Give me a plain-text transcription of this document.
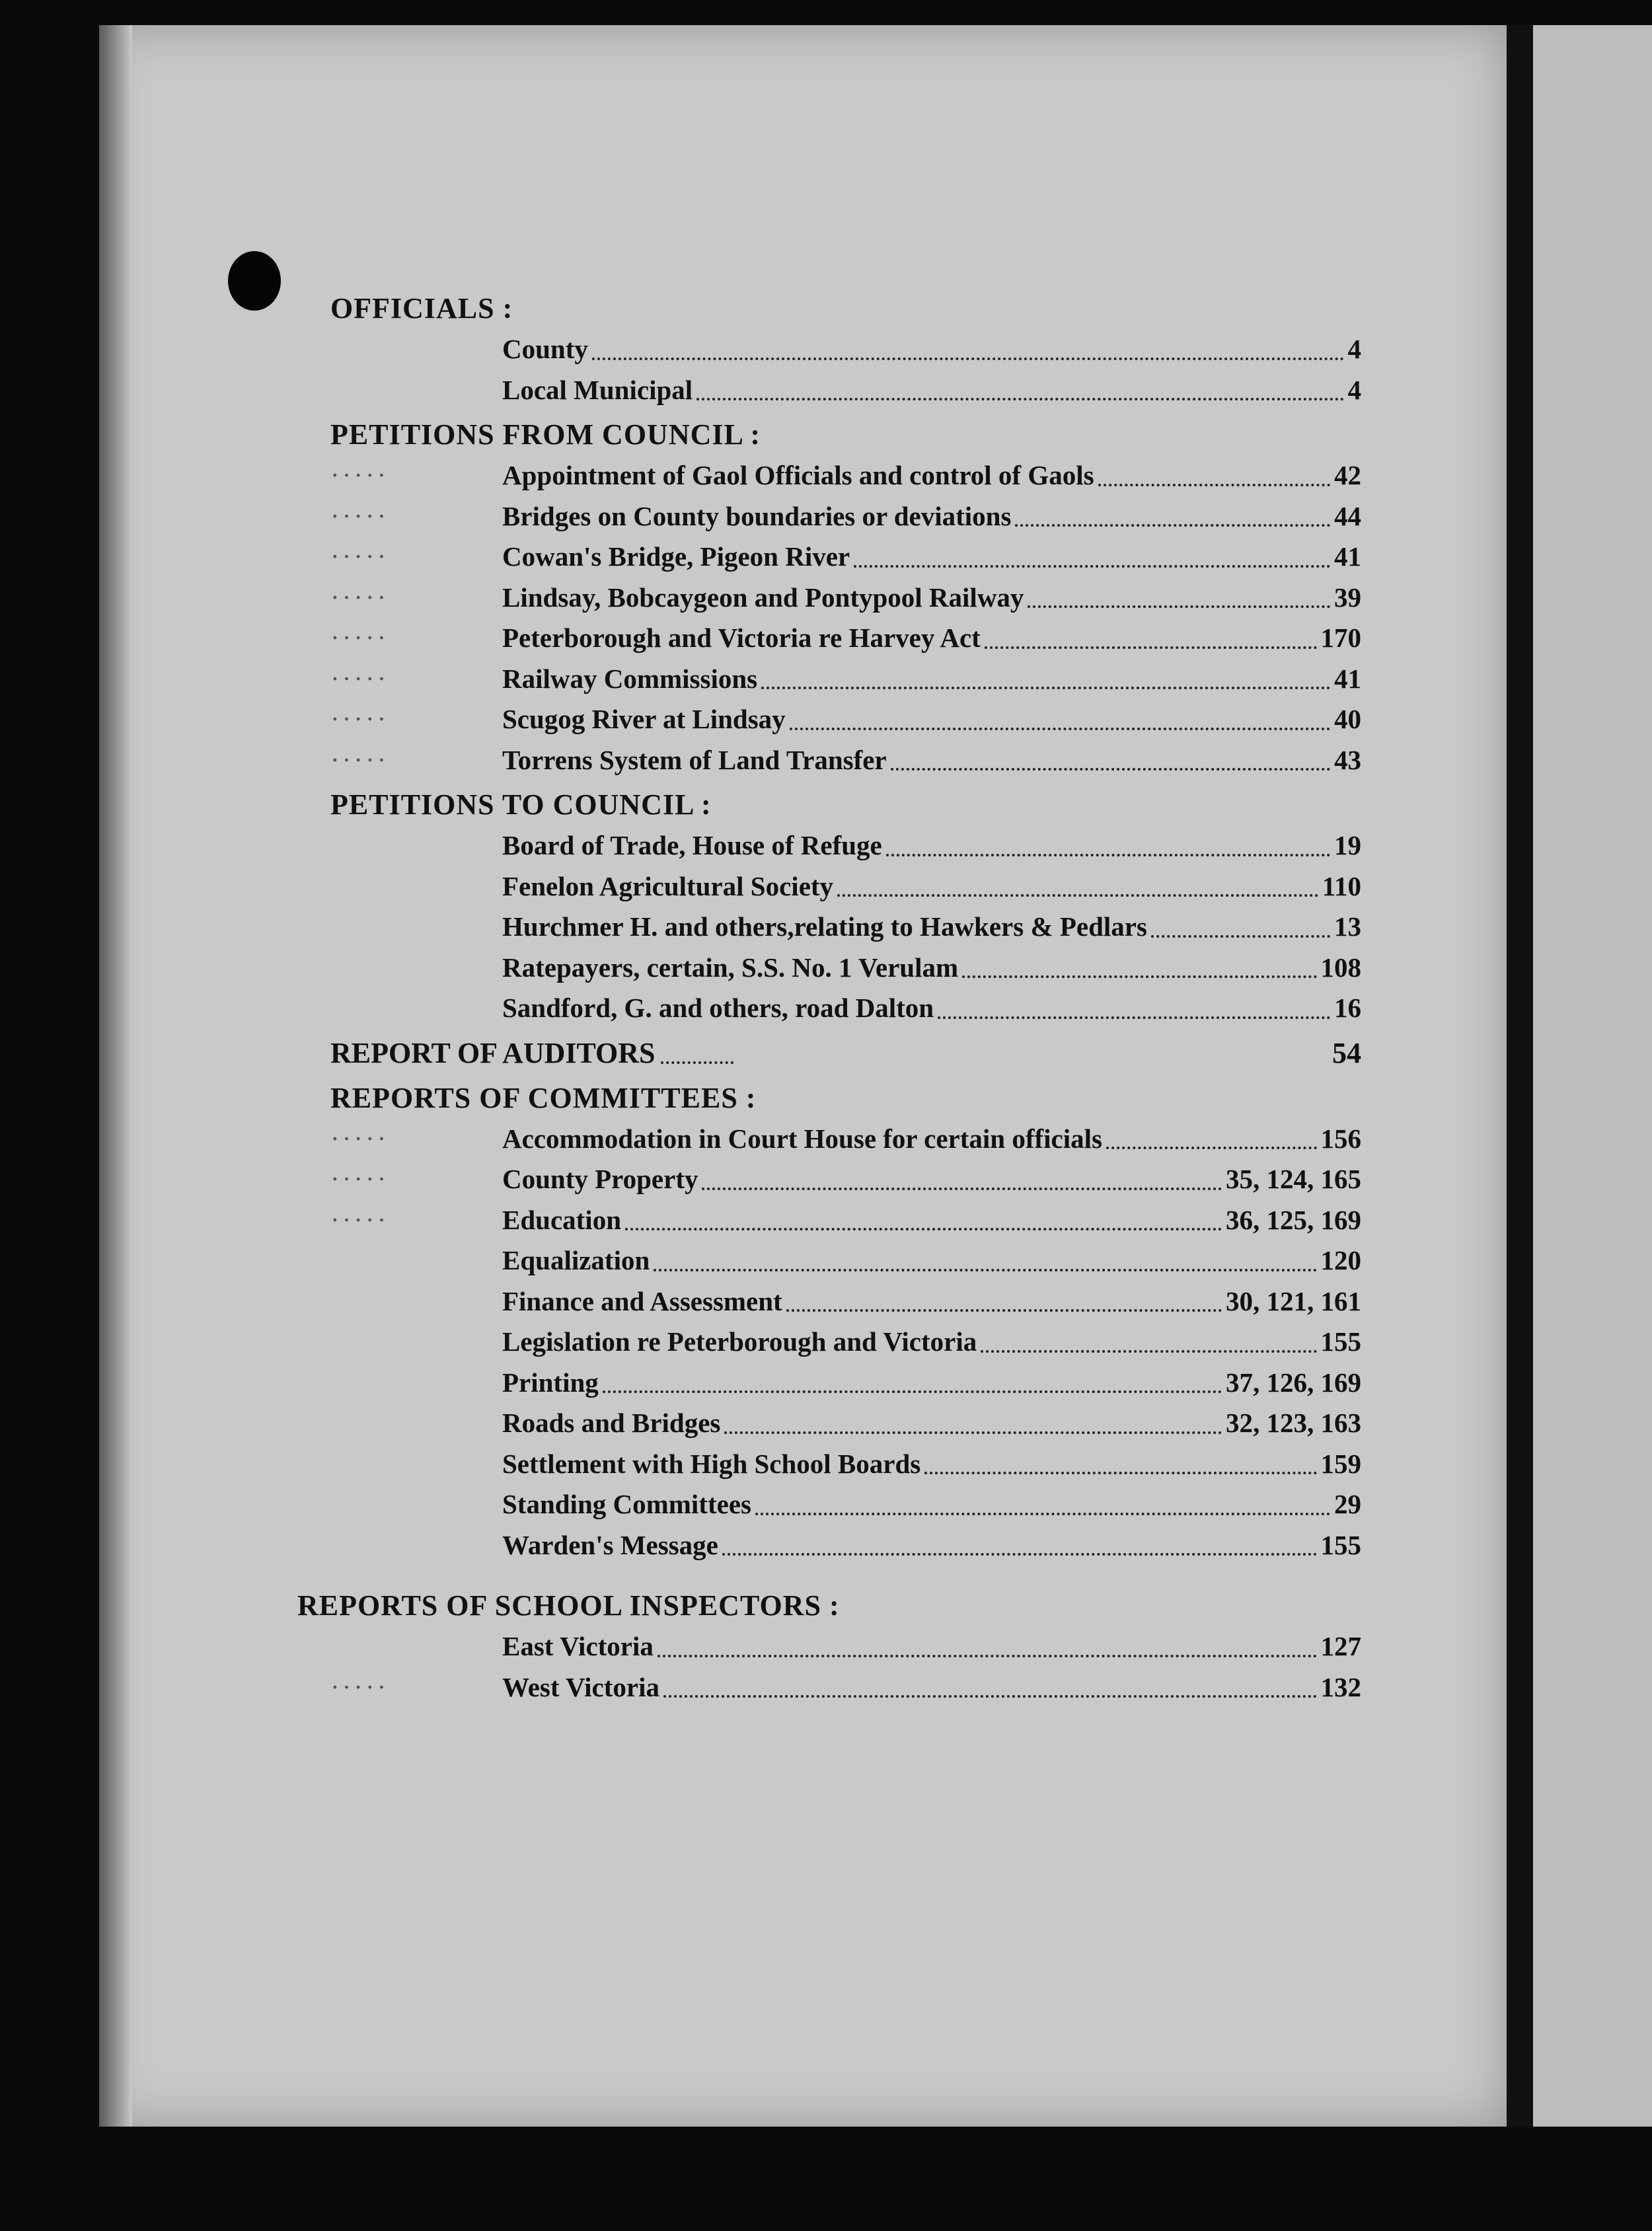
OFFICIALS :
County	4
Local Municipal	4
PETITIONS FROM COUNCIL :
·····	Appointment of Gaol Officials and control of Gaols	42
·····	Bridges on County boundaries or deviations	44
·····	Cowan's Bridge, Pigeon River	41
·····	Lindsay, Bobcaygeon and Pontypool Railway	39
·····	Peterborough and Victoria re Harvey Act	170
·····	Railway Commissions	41
·····	Scugog River at Lindsay	40
·····	Torrens System of Land Transfer	43
PETITIONS TO COUNCIL :
Board of Trade, House of Refuge	19
Fenelon Agricultural Society	110
Hurchmer H. and others,relating to Hawkers & Pedlars	13
Ratepayers, certain, S.S. No. 1 Verulam	108
Sandford, G. and others, road Dalton	16
REPORT OF AUDITORS	54
REPORTS OF COMMITTEES :
·····	Accommodation in Court House for certain officials	156
·····	County Property	35, 124, 165
·····	Education	36, 125, 169
Equalization	120
Finance and Assessment	30, 121, 161
Legislation re Peterborough and Victoria	155
Printing	37, 126, 169
Roads and Bridges	32, 123, 163
Settlement with High School Boards	159
Standing Committees	29
Warden's Message	155
REPORTS OF SCHOOL INSPECTORS :
East Victoria	127
·····	West Victoria	132
